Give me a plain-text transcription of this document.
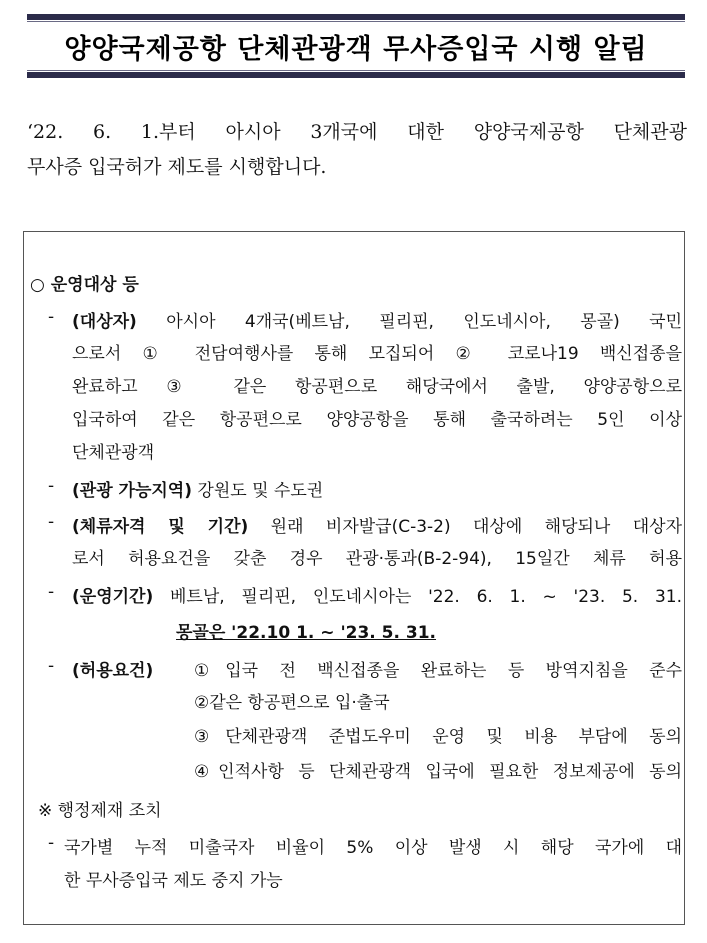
양양국제공항 단체관광객 무사증입국 시행 알림
‘22. 6. 1.부터 아시아 3개국에 대한 양양국제공항 단체관광
무사증 입국허가 제도를 시행합니다.
○ 운영대상 등
- (대상자) 아시아 4개국(베트남, 필리핀, 인도네시아, 몽골) 국민
으로서 ① 전담여행사를 통해 모집되어 ② 코로나19 백신접종을
완료하고 ③ 같은 항공편으로 해당국에서 출발, 양양공항으로
입국하여 같은 항공편으로 양양공항을 통해 출국하려는 5인 이상
단체관광객
- (관광 가능지역) 강원도 및 수도권
- (체류자격 및 기간) 원래 비자발급(C-3-2) 대상에 해당되나 대상자
로서 허용요건을 갖춘 경우 관광·통과(B-2-94), 15일간 체류 허용
- (운영기간) 베트남, 필리핀, 인도네시아는 '22. 6. 1. ~ '23. 5. 31.
몽골은 '22.10 1. ~ '23. 5. 31.
- (허용요건) ①입국 전 백신접종을 완료하는 등 방역지침을 준수
②같은 항공편으로 입·출국
③단체관광객 준법도우미 운영 및 비용 부담에 동의
④인적사항 등 단체관광객 입국에 필요한 정보제공에 동의
※ 행정제재 조치
- 국가별 누적 미출국자 비율이 5% 이상 발생 시 해당 국가에 대
한 무사증입국 제도 중지 가능
